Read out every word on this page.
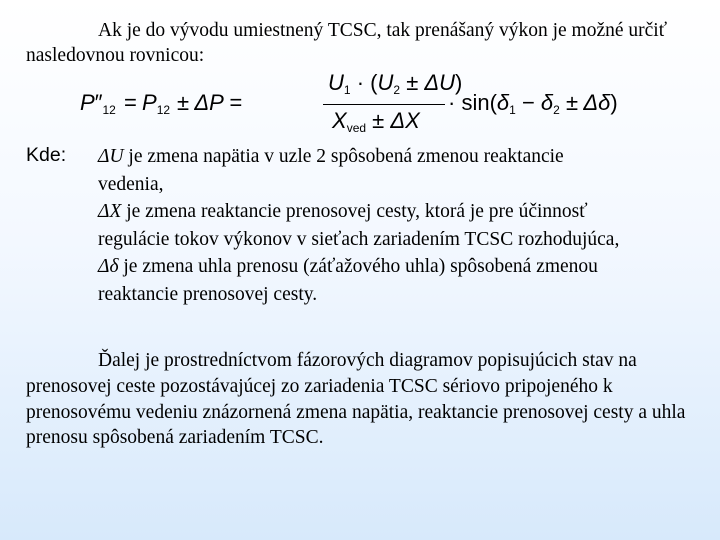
Ak je do vývodu umiestnený TCSC, tak prenášaný výkon je možné určiť nasledovnou rovnicou:

$P''_{12} = P_{12} \pm \Delta P$ =
$U_1 \cdot (U_2 \pm \Delta U)$
$X_{ved} \pm \Delta X$
· $\sin(\delta_1 - \delta_2 \pm \Delta\delta)$
Kde: ΔU je zmena napätia v uzle 2 spôsobená zmenou reaktancie
vedenia,

ΔX je zmena reaktancie prenosovej cesty, ktorá je pre účinnosť
regulácie tokov výkonov v sieťach zariadením TCSC rozhodujúca,

Δδ je zmena uhla prenosu (záťažového uhla) spôsobená zmenou
reaktancie prenosovej cesty.

Ďalej je prostredníctvom fázorových diagramov popisujúcich stav na prenosovej ceste pozostávajúcej zo zariadenia TCSC sériovo pripojeného k prenosovému vedeniu znázornená zmena napätia, reaktancie prenosovej cesty a uhla prenosu spôsobená zariadením TCSC.
